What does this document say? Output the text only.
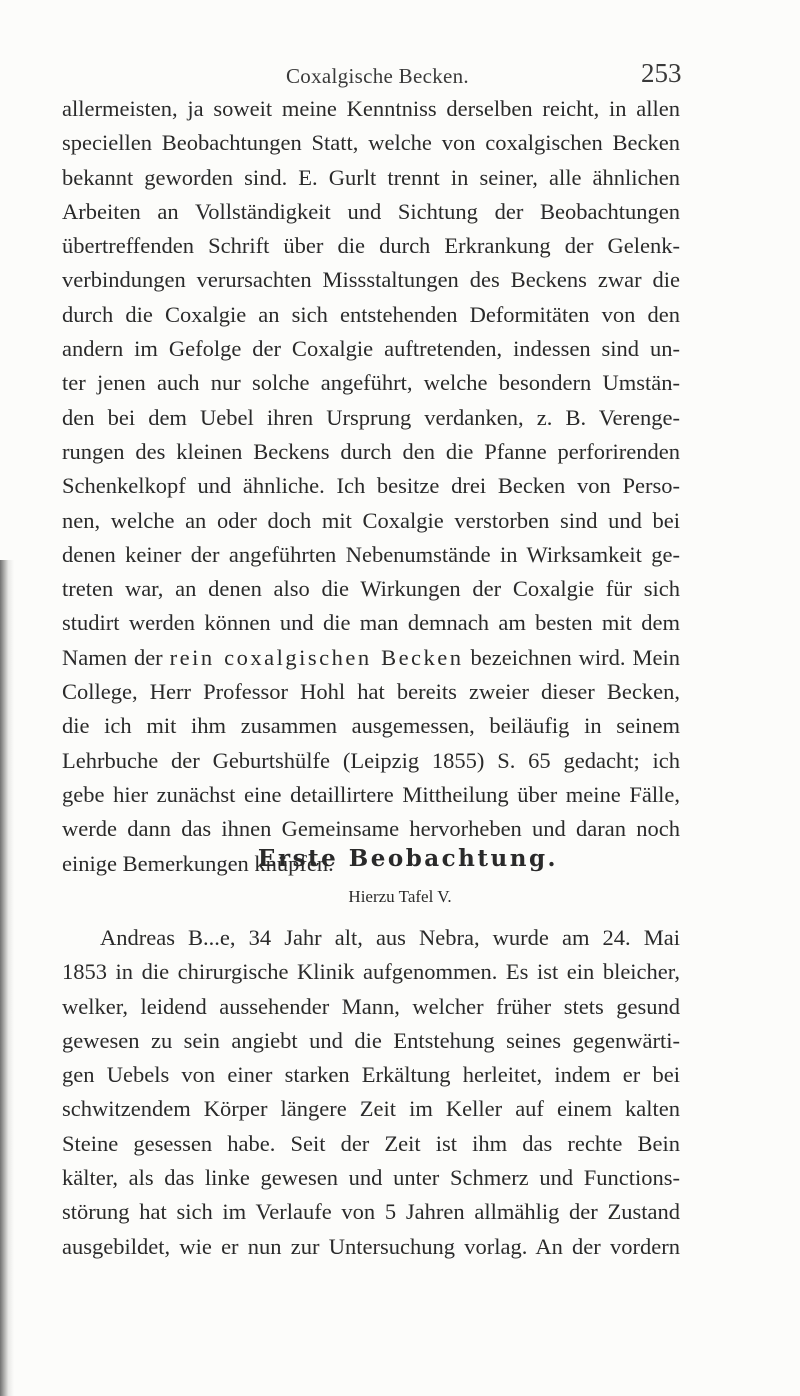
Coxalgische Becken.	253
allermeisten, ja soweit meine Kenntniss derselben reicht, in allen
speciellen Beobachtungen Statt, welche von coxalgischen Becken
bekannt geworden sind. E. Gurlt trennt in seiner, alle ähnlichen
Arbeiten an Vollständigkeit und Sichtung der Beobachtungen
übertreffenden Schrift über die durch Erkrankung der Gelenk-
verbindungen verursachten Missstaltungen des Beckens zwar die
durch die Coxalgie an sich entstehenden Deformitäten von den
andern im Gefolge der Coxalgie auftretenden, indessen sind un-
ter jenen auch nur solche angeführt, welche besondern Umstän-
den bei dem Uebel ihren Ursprung verdanken, z. B. Verenge-
rungen des kleinen Beckens durch den die Pfanne perforirenden
Schenkelkopf und ähnliche. Ich besitze drei Becken von Perso-
nen, welche an oder doch mit Coxalgie verstorben sind und bei
denen keiner der angeführten Nebenumstände in Wirksamkeit ge-
treten war, an denen also die Wirkungen der Coxalgie für sich
studirt werden können und die man demnach am besten mit dem
Namen der rein coxalgischen Becken bezeichnen wird. Mein
College, Herr Professor Hohl hat bereits zweier dieser Becken,
die ich mit ihm zusammen ausgemessen, beiläufig in seinem
Lehrbuche der Geburtshülfe (Leipzig 1855) S. 65 gedacht; ich
gebe hier zunächst eine detaillirtere Mittheilung über meine Fälle,
werde dann das ihnen Gemeinsame hervorheben und daran noch
einige Bemerkungen knüpfen.
Erste Beobachtung.
Hierzu Tafel V.
Andreas B...e, 34 Jahr alt, aus Nebra, wurde am 24. Mai
1853 in die chirurgische Klinik aufgenommen. Es ist ein bleicher,
welker, leidend aussehender Mann, welcher früher stets gesund
gewesen zu sein angiebt und die Entstehung seines gegenwärti-
gen Uebels von einer starken Erkältung herleitet, indem er bei
schwitzendem Körper längere Zeit im Keller auf einem kalten
Steine gesessen habe. Seit der Zeit ist ihm das rechte Bein
kälter, als das linke gewesen und unter Schmerz und Functions-
störung hat sich im Verlaufe von 5 Jahren allmählig der Zustand
ausgebildet, wie er nun zur Untersuchung vorlag. An der vordern
